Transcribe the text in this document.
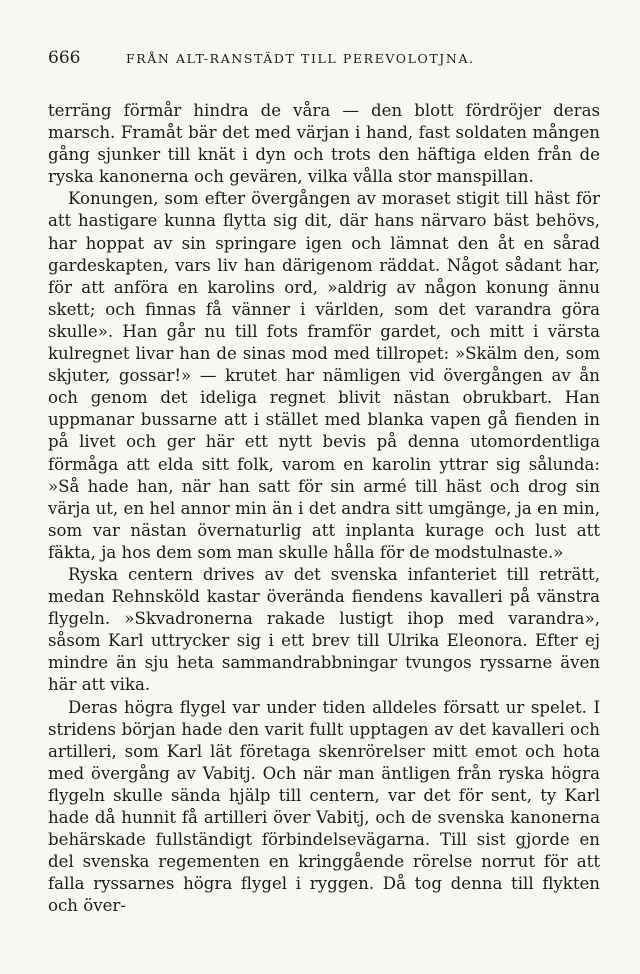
666	FRÅN ALT-RANSTÄDT TILL PEREVOLOTJNA.

terräng förmår hindra de våra — den blott fördröjer deras marsch. Framåt bär det med värjan i hand, fast soldaten mången gång sjunker till knät i dyn och trots den häftiga elden från de ryska kanonerna och gevären, vilka vålla stor manspillan.

Konungen, som efter övergången av moraset stigit till häst för att hastigare kunna flytta sig dit, där hans närvaro bäst behövs, har hoppat av sin springare igen och lämnat den åt en sårad gardeskapten, vars liv han därigenom räddat. Något sådant har, för att anföra en karolins ord, »aldrig av någon konung ännu skett; och finnas få vänner i världen, som det varandra göra skulle». Han går nu till fots framför gardet, och mitt i värsta kulregnet livar han de sinas mod med tillropet: »Skälm den, som skjuter, gossar!» — krutet har nämligen vid övergången av ån och genom det ideliga regnet blivit nästan obrukbart. Han uppmanar bussarne att i stället med blanka vapen gå fienden in på livet och ger här ett nytt bevis på denna utomordentliga förmåga att elda sitt folk, varom en karolin yttrar sig sålunda: »Så hade han, när han satt för sin armé till häst och drog sin värja ut, en hel annor min än i det andra sitt umgänge, ja en min, som var nästan övernaturlig att inplanta kurage och lust att fäkta, ja hos dem som man skulle hålla för de modstulnaste.»

Ryska centern drives av det svenska infanteriet till reträtt, medan Rehnsköld kastar överända fiendens kavalleri på vänstra flygeln. »Skvadronerna rakade lustigt ihop med varandra», såsom Karl uttrycker sig i ett brev till Ulrika Eleonora. Efter ej mindre än sju heta sammandrabbningar tvungos ryssarne även här att vika.

Deras högra flygel var under tiden alldeles försatt ur spelet. I stridens början hade den varit fullt upptagen av det kavalleri och artilleri, som Karl lät företaga skenrörelser mitt emot och hota med övergång av Vabitj. Och när man äntligen från ryska högra flygeln skulle sända hjälp till centern, var det för sent, ty Karl hade då hunnit få artilleri över Vabitj, och de svenska kanonerna behärskade fullständigt förbindelsevägarna. Till sist gjorde en del svenska regementen en kringgående rörelse norrut för att falla ryssarnes högra flygel i ryggen. Då tog denna till flykten och över-
